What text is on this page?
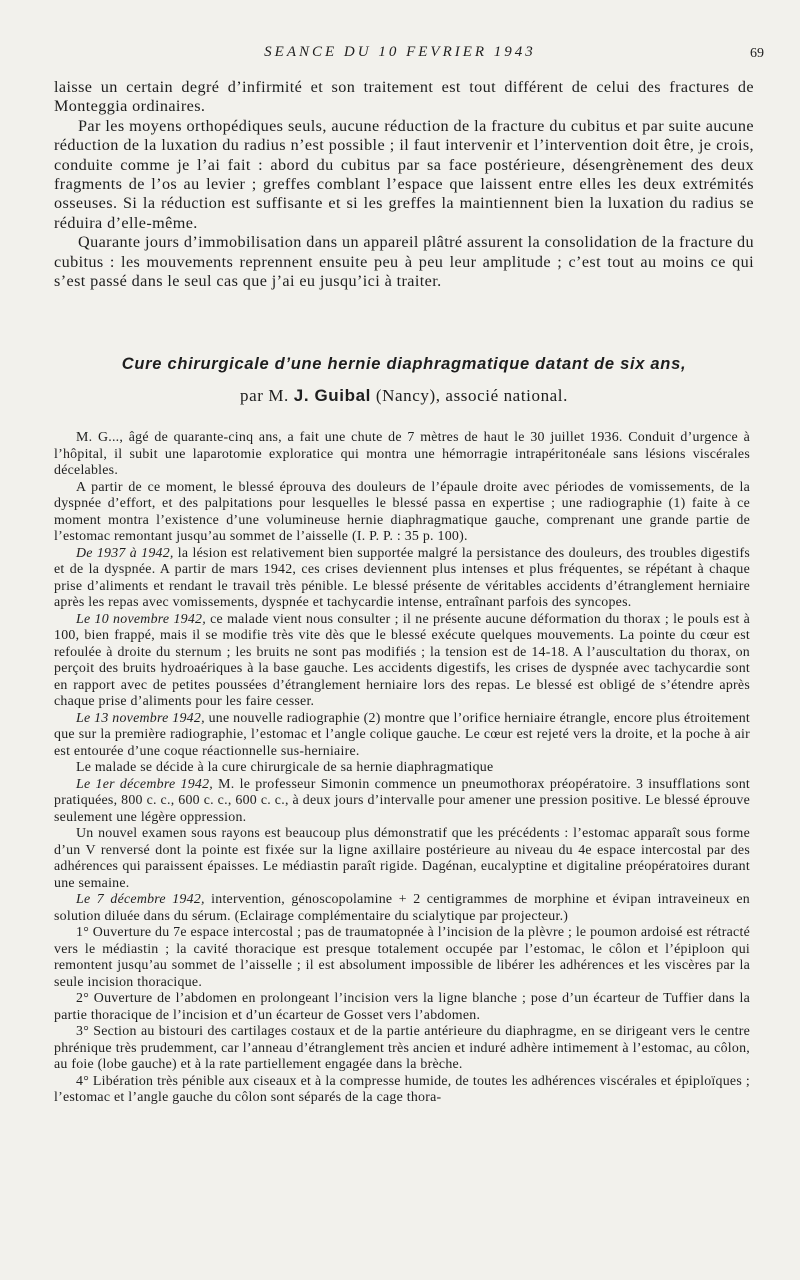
SEANCE DU 10 FEVRIER 1943	69

laisse un certain degré d’infirmité et son traitement est tout différent de celui des fractures de Monteggia ordinaires.

Par les moyens orthopédiques seuls, aucune réduction de la fracture du cubitus et par suite aucune réduction de la luxation du radius n’est possible ; il faut intervenir et l’intervention doit être, je crois, conduite comme je l’ai fait : abord du cubitus par sa face postérieure, désengrènement des deux fragments de l’os au levier ; greffes comblant l’espace que laissent entre elles les deux extrémités osseuses. Si la réduction est suffisante et si les greffes la maintiennent bien la luxation du radius se réduira d’elle-même.

Quarante jours d’immobilisation dans un appareil plâtré assurent la consolidation de la fracture du cubitus : les mouvements reprennent ensuite peu à peu leur amplitude ; c’est tout au moins ce qui s’est passé dans le seul cas que j’ai eu jusqu’ici à traiter.

Cure chirurgicale d’une hernie diaphragmatique datant de six ans,
par M. J. Guibal (Nancy), associé national.

M. G..., âgé de quarante-cinq ans, a fait une chute de 7 mètres de haut le 30 juillet 1936. Conduit d’urgence à l’hôpital, il subit une laparotomie exploratice qui montra une hémorragie intrapéritonéale sans lésions viscérales décelables.

A partir de ce moment, le blessé éprouva des douleurs de l’épaule droite avec périodes de vomissements, de la dyspnée d’effort, et des palpitations pour lesquelles le blessé passa en expertise ; une radiographie (1) faite à ce moment montra l’existence d’une volumineuse hernie diaphragmatique gauche, comprenant une grande partie de l’estomac remontant jusqu’au sommet de l’aisselle (I. P. P. : 35 p. 100).

De 1937 à 1942, la lésion est relativement bien supportée malgré la persistance des douleurs, des troubles digestifs et de la dyspnée. A partir de mars 1942, ces crises deviennent plus intenses et plus fréquentes, se répétant à chaque prise d’aliments et rendant le travail très pénible. Le blessé présente de véritables accidents d’étranglement herniaire après les repas avec vomissements, dyspnée et tachycardie intense, entraînant parfois des syncopes.

Le 10 novembre 1942, ce malade vient nous consulter ; il ne présente aucune déformation du thorax ; le pouls est à 100, bien frappé, mais il se modifie très vite dès que le blessé exécute quelques mouvements. La pointe du cœur est refoulée à droite du sternum ; les bruits ne sont pas modifiés ; la tension est de 14-18. A l’auscultation du thorax, on perçoit des bruits hydroaériques à la base gauche. Les accidents digestifs, les crises de dyspnée avec tachycardie sont en rapport avec de petites poussées d’étranglement herniaire lors des repas. Le blessé est obligé de s’étendre après chaque prise d’aliments pour les faire cesser.

Le 13 novembre 1942, une nouvelle radiographie (2) montre que l’orifice herniaire étrangle, encore plus étroitement que sur la première radiographie, l’estomac et l’angle colique gauche. Le cœur est rejeté vers la droite, et la poche à air est entourée d’une coque réactionnelle sus-herniaire.

Le malade se décide à la cure chirurgicale de sa hernie diaphragmatique

Le 1er décembre 1942, M. le professeur Simonin commence un pneumothorax préopératoire. 3 insufflations sont pratiquées, 800 c. c., 600 c. c., 600 c. c., à deux jours d’intervalle pour amener une pression positive. Le blessé éprouve seulement une légère oppression.

Un nouvel examen sous rayons est beaucoup plus démonstratif que les précédents : l’estomac apparaît sous forme d’un V renversé dont la pointe est fixée sur la ligne axillaire postérieure au niveau du 4e espace intercostal par des adhérences qui paraissent épaisses. Le médiastin paraît rigide. Dagénan, eucalyptine et digitaline préopératoires durant une semaine.

Le 7 décembre 1942, intervention, génoscopolamine + 2 centigrammes de morphine et évipan intraveineux en solution diluée dans du sérum. (Eclairage complémentaire du scialytique par projecteur.)

1° Ouverture du 7e espace intercostal ; pas de traumatopnée à l’incision de la plèvre ; le poumon ardoisé est rétracté vers le médiastin ; la cavité thoracique est presque totalement occupée par l’estomac, le côlon et l’épiploon qui remontent jusqu’au sommet de l’aisselle ; il est absolument impossible de libérer les adhérences et les viscères par la seule incision thoracique.

2° Ouverture de l’abdomen en prolongeant l’incision vers la ligne blanche ; pose d’un écarteur de Tuffier dans la partie thoracique de l’incision et d’un écarteur de Gosset vers l’abdomen.

3° Section au bistouri des cartilages costaux et de la partie antérieure du diaphragme, en se dirigeant vers le centre phrénique très prudemment, car l’anneau d’étranglement très ancien et induré adhère intimement à l’estomac, au côlon, au foie (lobe gauche) et à la rate partiellement engagée dans la brèche.

4° Libération très pénible aux ciseaux et à la compresse humide, de toutes les adhérences viscérales et épiploïques ; l’estomac et l’angle gauche du côlon sont séparés de la cage thora-
